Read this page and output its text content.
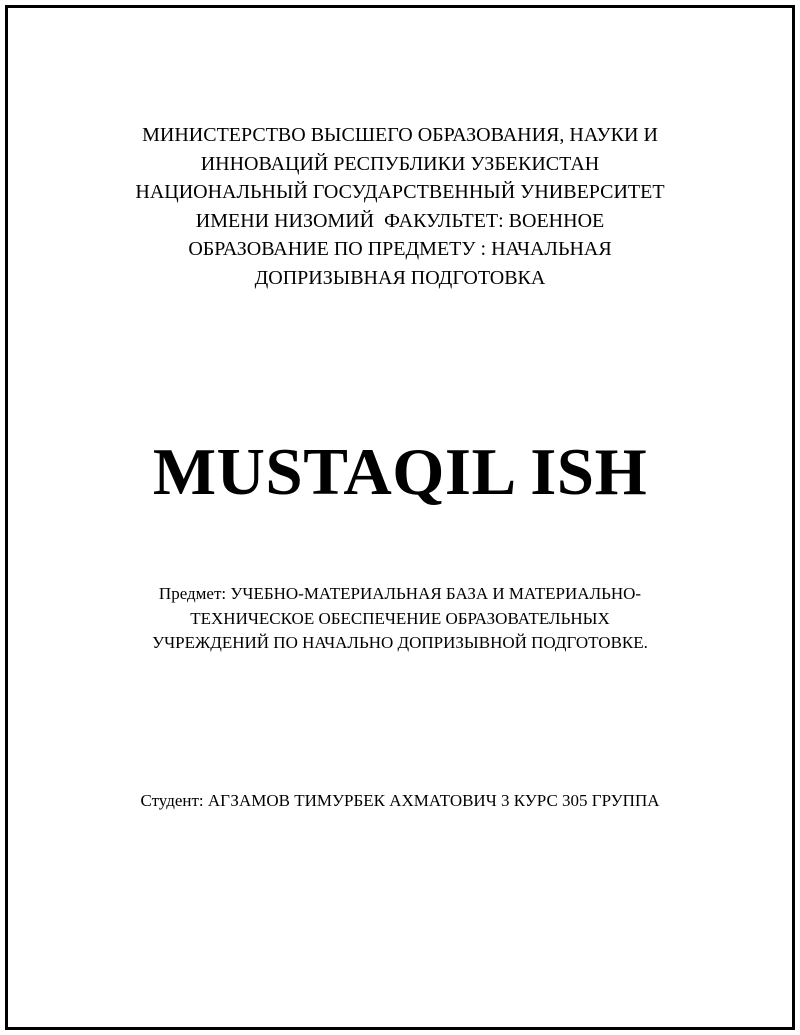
МИНИСТЕРСТВО ВЫСШЕГО ОБРАЗОВАНИЯ, НАУКИ И
ИННОВАЦИЙ РЕСПУБЛИКИ УЗБЕКИСТАН
НАЦИОНАЛЬНЫЙ ГОСУДАРСТВЕННЫЙ УНИВЕРСИТЕТ
ИМЕНИ НИЗОМИЙ  ФАКУЛЬТЕТ: ВОЕННОЕ
ОБРАЗОВАНИЕ ПО ПРЕДМЕТУ : НАЧАЛЬНАЯ
ДОПРИЗЫВНАЯ ПОДГОТОВКА
MUSTAQIL ISH
Предмет: УЧЕБНО-МАТЕРИАЛЬНАЯ БАЗА И МАТЕРИАЛЬНО-
ТЕХНИЧЕСКОЕ ОБЕСПЕЧЕНИЕ ОБРАЗОВАТЕЛЬНЫХ
УЧРЕЖДЕНИЙ ПО НАЧАЛЬНО ДОПРИЗЫВНОЙ ПОДГОТОВКЕ.
Студент: АГЗАМОВ ТИМУРБЕК АХМАТОВИЧ 3 КУРС 305 ГРУППА
